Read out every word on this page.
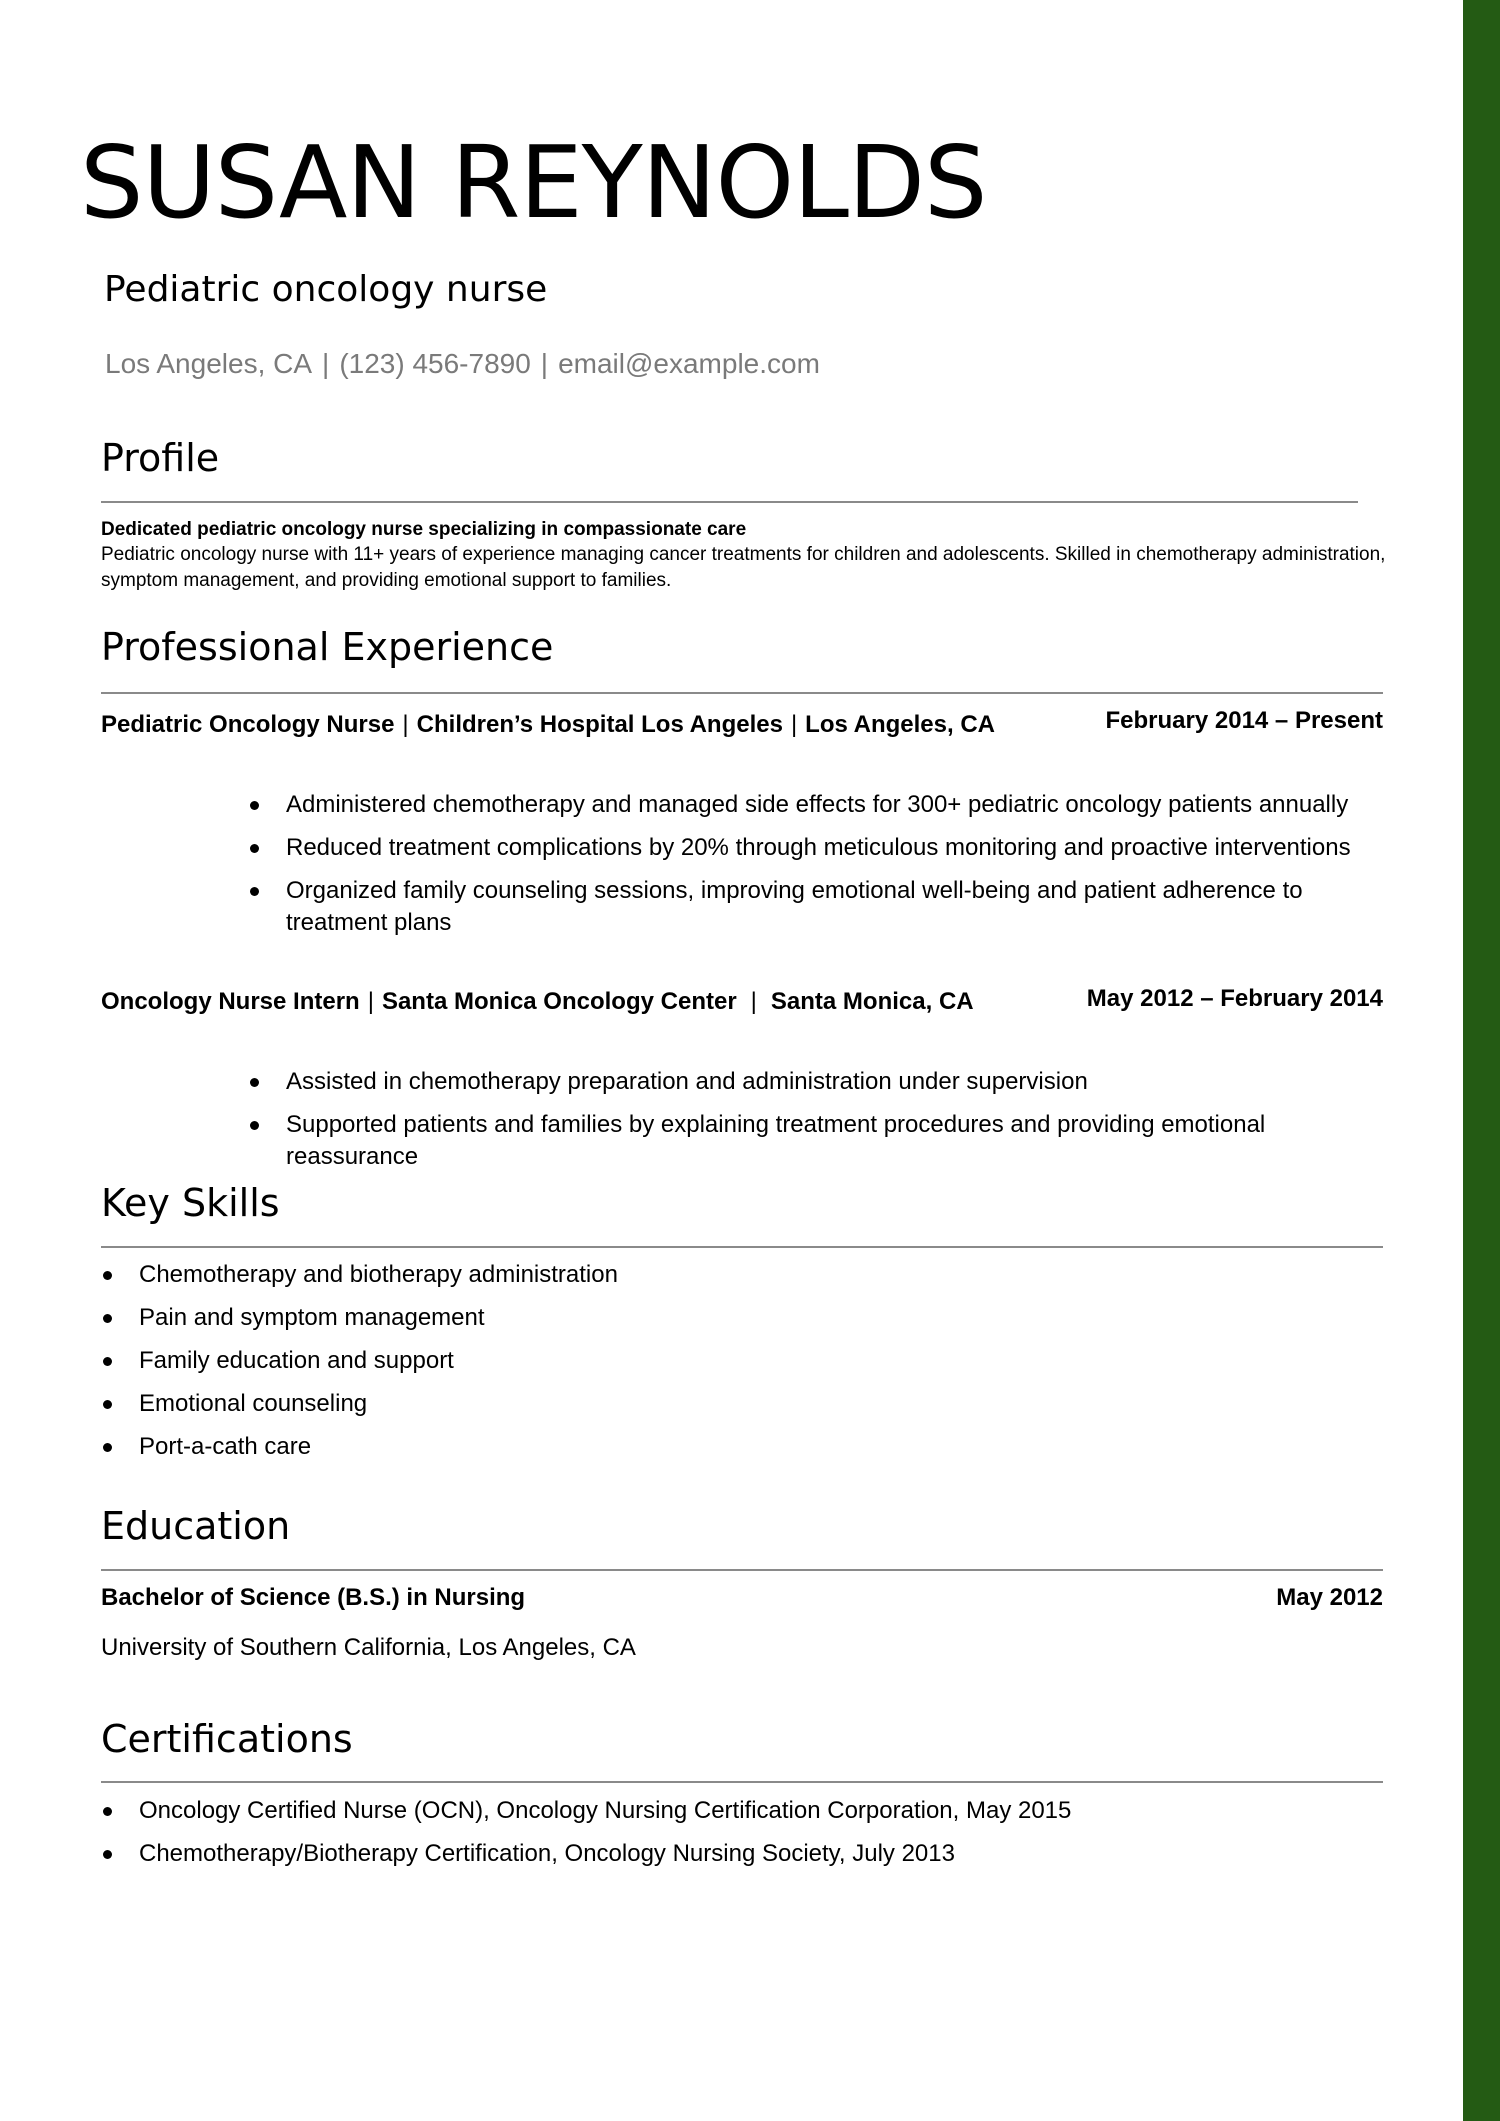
SUSAN REYNOLDS
Pediatric oncology nurse
Los Angeles, CA | (123) 456-7890 | email@example.com
Profile
Dedicated pediatric oncology nurse specializing in compassionate care
Pediatric oncology nurse with 11+ years of experience managing cancer treatments for children and adolescents. Skilled in chemotherapy administration, symptom management, and providing emotional support to families.
Professional Experience
Pediatric Oncology Nurse | Children’s Hospital Los Angeles | Los Angeles, CA	February 2014 – Present
Administered chemotherapy and managed side effects for 300+ pediatric oncology patients annually
Reduced treatment complications by 20% through meticulous monitoring and proactive interventions
Organized family counseling sessions, improving emotional well-being and patient adherence to treatment plans
Oncology Nurse Intern | Santa Monica Oncology Center | Santa Monica, CA	May 2012 – February 2014
Assisted in chemotherapy preparation and administration under supervision
Supported patients and families by explaining treatment procedures and providing emotional reassurance
Key Skills
Chemotherapy and biotherapy administration
Pain and symptom management
Family education and support
Emotional counseling
Port-a-cath care
Education
Bachelor of Science (B.S.) in Nursing	May 2012
University of Southern California, Los Angeles, CA
Certifications
Oncology Certified Nurse (OCN), Oncology Nursing Certification Corporation, May 2015
Chemotherapy/Biotherapy Certification, Oncology Nursing Society, July 2013
